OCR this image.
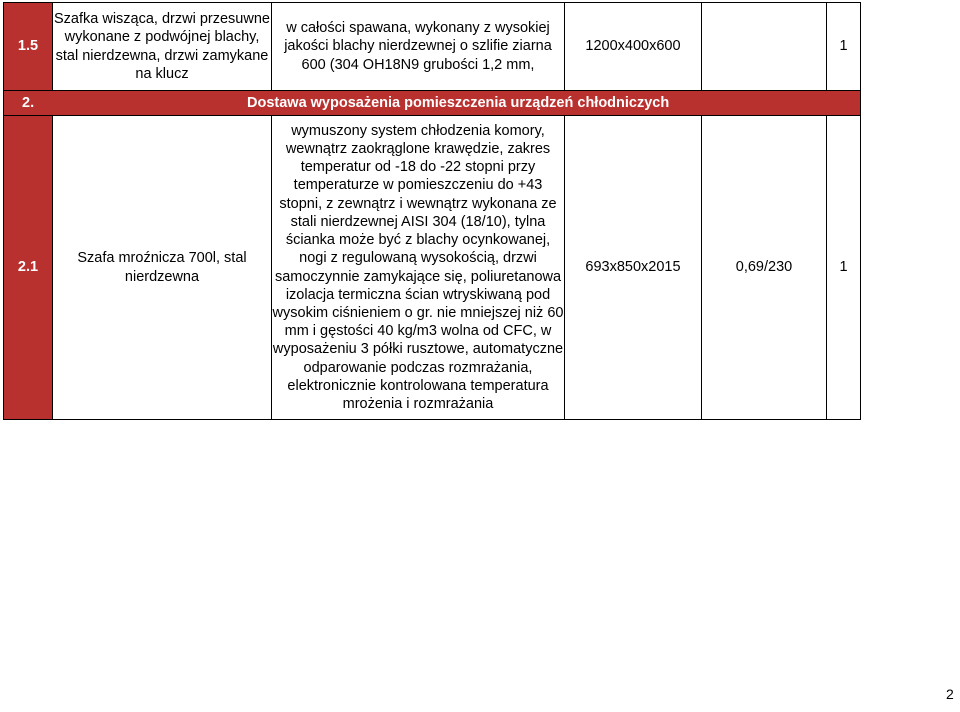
1.5	Szafka wisząca, drzwi przesuwne wykonane z podwójnej blachy, stal nierdzewna, drzwi zamykane na klucz	w całości spawana, wykonany z wysokiej jakości blachy nierdzewnej o szlifie ziarna 600 (304 OH18N9 grubości 1,2 mm,	1200x400x600		1

2. Dostawa wyposażenia pomieszczenia urządzeń chłodniczych					

2.1	Szafa mroźnicza 700l, stal nierdzewna	wymuszony system chłodzenia komory, wewnątrz zaokrąglone krawędzie, zakres temperatur od -18 do -22 stopni przy temperaturze w pomieszczeniu do +43 stopni, z zewnątrz i wewnątrz wykonana ze stali nierdzewnej AISI 304 (18/10), tylna ścianka może być z blachy ocynkowanej, nogi z regulowaną wysokością, drzwi samoczynnie zamykające się, poliuretanowa izolacja termiczna ścian wtryskiwaną pod wysokim ciśnieniem o gr. nie mniejszej niż 60 mm i gęstości 40 kg/m3 wolna od CFC, w wyposażeniu 3 półki rusztowe, automatyczne odparowanie podczas rozmrażania, elektronicznie kontrolowana temperatura mrożenia i rozmrażania	693x850x2015	0,69/230	1
2
